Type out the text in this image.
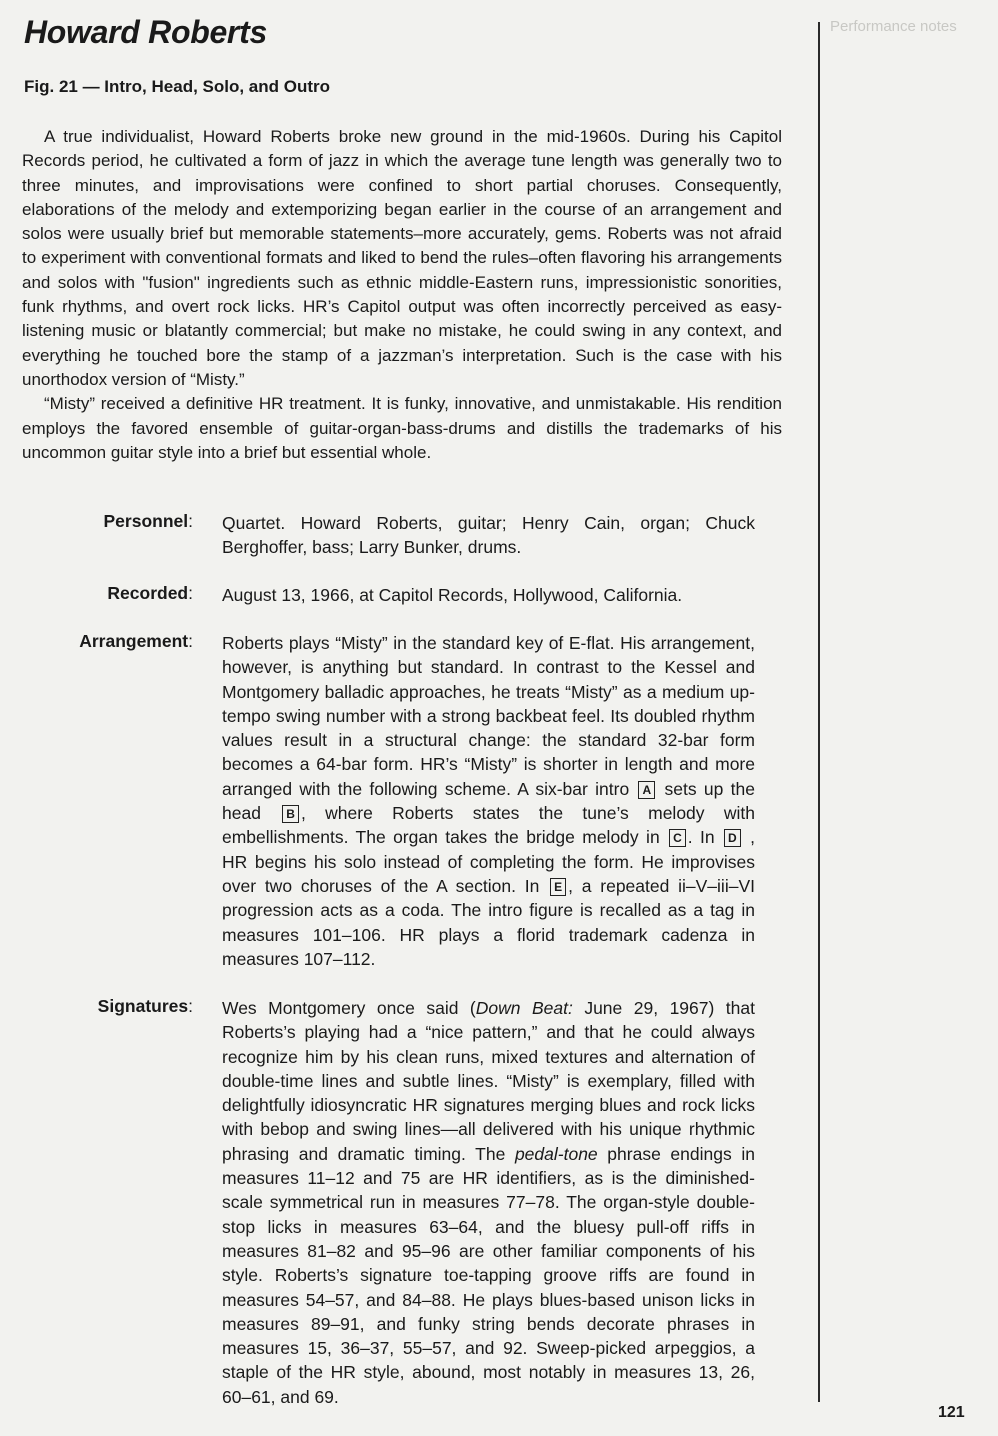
Howard Roberts
Fig. 21 — Intro, Head, Solo, and Outro
Performance notes

A true individualist, Howard Roberts broke new ground in the mid-1960s. During his Capitol Records period, he cultivated a form of jazz in which the average tune length was generally two to three minutes, and improvisations were confined to short partial choruses. Consequently, elaborations of the melody and extemporizing began earlier in the course of an arrangement and solos were usually brief but memorable statements–more accurately, gems. Roberts was not afraid to experiment with conventional formats and liked to bend the rules–often flavoring his arrangements and solos with "fusion" ingredients such as ethnic middle-Eastern runs, impressionistic sonorities, funk rhythms, and overt rock licks. HR’s Capitol output was often incorrectly perceived as easy-listening music or blatantly commercial; but make no mistake, he could swing in any context, and everything he touched bore the stamp of a jazzman’s interpretation. Such is the case with his unorthodox version of “Misty.”

“Misty” received a definitive HR treatment. It is funky, innovative, and unmistakable. His rendition employs the favored ensemble of guitar-organ-bass-drums and distills the trademarks of his uncommon guitar style into a brief but essential whole.

Personnel: Quartet. Howard Roberts, guitar; Henry Cain, organ; Chuck Berghoffer, bass; Larry Bunker, drums.
Recorded: August 13, 1966, at Capitol Records, Hollywood, California.
Arrangement: Roberts plays “Misty” in the standard key of E-flat. His arrangement, however, is anything but standard. In contrast to the Kessel and Montgomery balladic approaches, he treats “Misty” as a medium up-tempo swing number with a strong backbeat feel. Its doubled rhythm values result in a structural change: the standard 32-bar form becomes a 64-bar form. HR’s “Misty” is shorter in length and more arranged with the following scheme. A six-bar intro A sets up the head B , where Roberts states the tune’s melody with embellishments. The organ takes the bridge melody in C . In D , HR begins his solo instead of completing the form. He improvises over two choruses of the A section. In E , a repeated ii–V–iii–VI progression acts as a coda. The intro figure is recalled as a tag in measures 101–106. HR plays a florid trademark cadenza in measures 107–112.
Signatures: Wes Montgomery once said (Down Beat: June 29, 1967) that Roberts’s playing had a “nice pattern,” and that he could always recognize him by his clean runs, mixed textures and alternation of double-time lines and subtle lines. “Misty” is exemplary, filled with delightfully idiosyncratic HR signatures merging blues and rock licks with bebop and swing lines—all delivered with his unique rhythmic phrasing and dramatic timing. The pedal-tone phrase endings in measures 11–12 and 75 are HR identifiers, as is the diminished-scale symmetrical run in measures 77–78. The organ-style double-stop licks in measures 63–64, and the bluesy pull-off riffs in measures 81–82 and 95–96 are other familiar components of his style. Roberts’s signature toe-tapping groove riffs are found in measures 54–57, and 84–88. He plays blues-based unison licks in measures 89–91, and funky string bends decorate phrases in measures 15, 36–37, 55–57, and 92. Sweep-picked arpeggios, a staple of the HR style, abound, most notably in measures 13, 26, 60–61, and 69.
121
